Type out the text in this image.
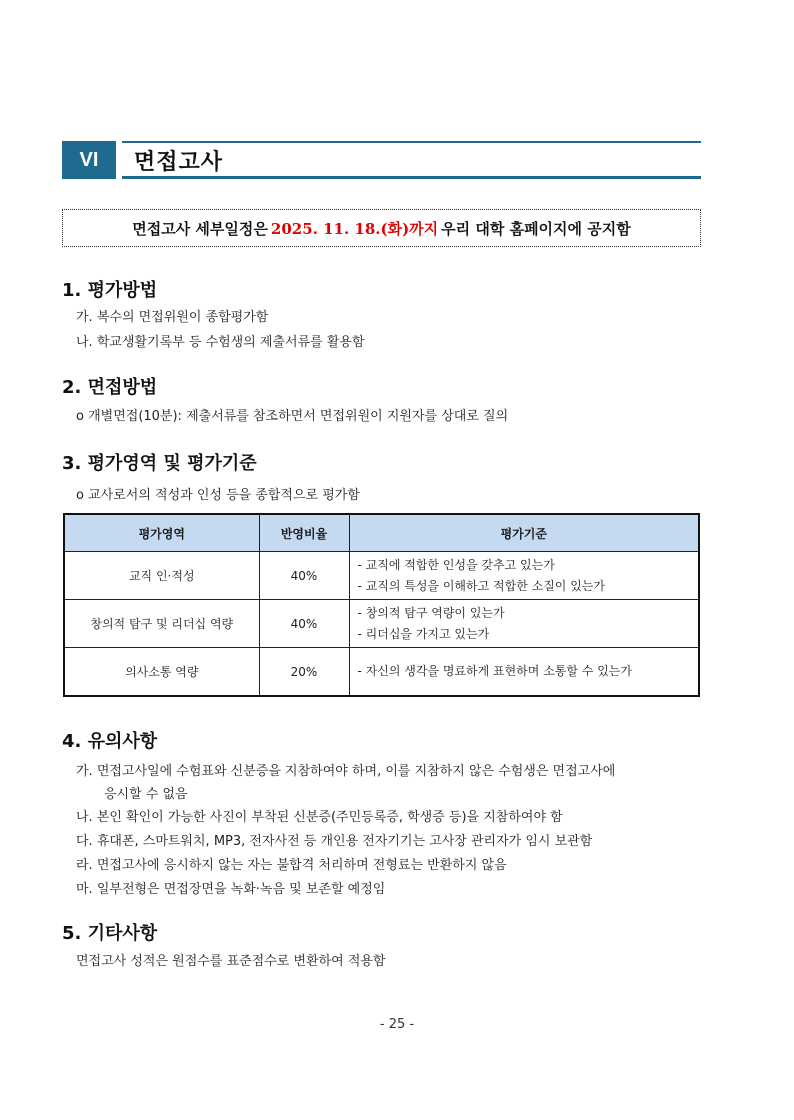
VI	면접고사
면접고사 세부일정은 2025. 11. 18.(화)까지 우리 대학 홈페이지에 공지함
1. 평가방법
가. 복수의 면접위원이 종합평가함
나. 학교생활기록부 등 수험생의 제출서류를 활용함
2. 면접방법
o 개별면접(10분): 제출서류를 참조하면서 면접위원이 지원자를 상대로 질의
3. 평가영역 및 평가기준
o 교사로서의 적성과 인성 등을 종합적으로 평가함
평가영역	반영비율	평가기준
교직 인·적성	40%	- 교직에 적합한 인성을 갖추고 있는가
- 교직의 특성을 이해하고 적합한 소질이 있는가

창의적 탐구 및 리더십 역량	40%	- 창의적 탐구 역량이 있는가
- 리더십을 가지고 있는가

의사소통 역량	20%	- 자신의 생각을 명료하게 표현하며 소통할 수 있는가
4. 유의사항
가. 면접고사일에 수험표와 신분증을 지참하여야 하며, 이를 지참하지 않은 수험생은 면접고사에
응시할 수 없음
나. 본인 확인이 가능한 사진이 부착된 신분증(주민등록증, 학생증 등)을 지참하여야 함
다. 휴대폰, 스마트워치, MP3, 전자사전 등 개인용 전자기기는 고사장 관리자가 임시 보관함
라. 면접고사에 응시하지 않는 자는 불합격 처리하며 전형료는 반환하지 않음
마. 일부전형은 면접장면을 녹화·녹음 및 보존할 예정임
5. 기타사항
면접고사 성적은 원점수를 표준점수로 변환하여 적용함
- 25 -
